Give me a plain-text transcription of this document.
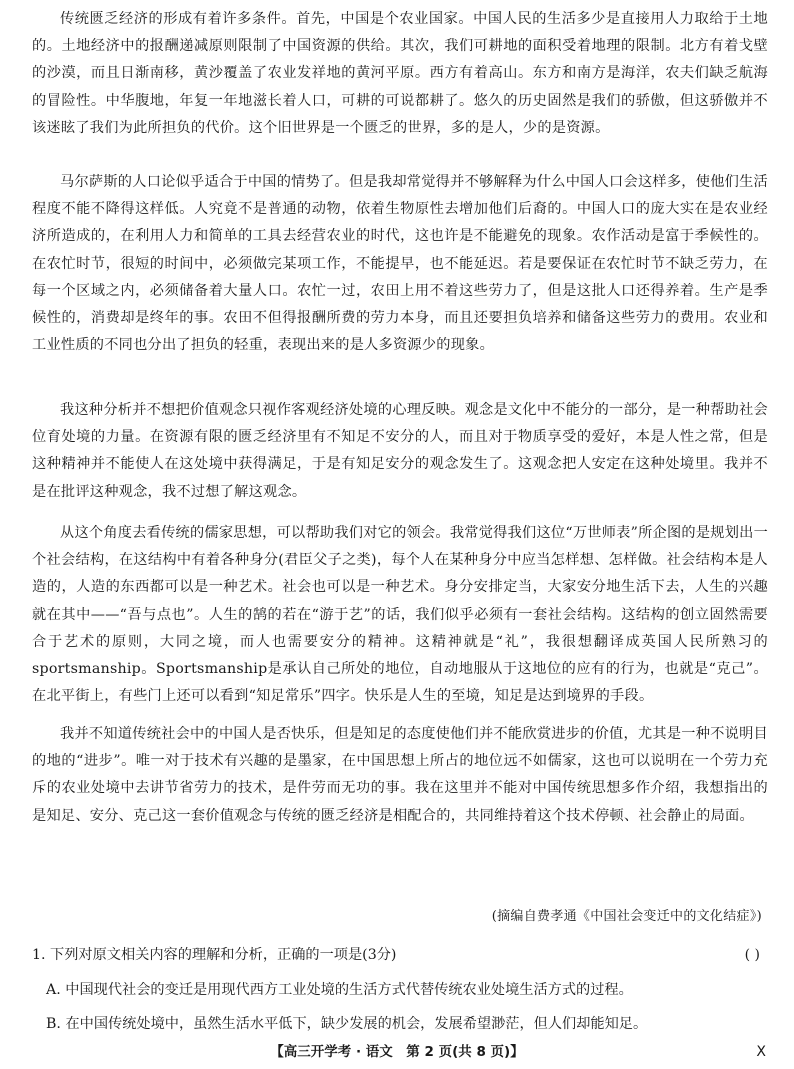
传统匮乏经济的形成有着许多条件。首先，中国是个农业国家。中国人民的生活多少是直接用人力取给于土地的。土地经济中的报酬递减原则限制了中国资源的供给。其次，我们可耕地的面积受着地理的限制。北方有着戈壁的沙漠，而且日渐南移，黄沙覆盖了农业发祥地的黄河平原。西方有着高山。东方和南方是海洋，农夫们缺乏航海的冒险性。中华腹地，年复一年地滋长着人口，可耕的可说都耕了。悠久的历史固然是我们的骄傲，但这骄傲并不该迷眩了我们为此所担负的代价。这个旧世界是一个匮乏的世界，多的是人，少的是资源。

马尔萨斯的人口论似乎适合于中国的情势了。但是我却常觉得并不够解释为什么中国人口会这样多，使他们生活程度不能不降得这样低。人究竟不是普通的动物，依着生物原性去增加他们后裔的。中国人口的庞大实在是农业经济所造成的，在利用人力和简单的工具去经营农业的时代，这也许是不能避免的现象。农作活动是富于季候性的。在农忙时节，很短的时间中，必须做完某项工作，不能提早，也不能延迟。若是要保证在农忙时节不缺乏劳力，在每一个区域之内，必须储备着大量人口。农忙一过，农田上用不着这些劳力了，但是这批人口还得养着。生产是季候性的，消费却是终年的事。农田不但得报酬所费的劳力本身，而且还要担负培养和储备这些劳力的费用。农业和工业性质的不同也分出了担负的轻重，表现出来的是人多资源少的现象。

我这种分析并不想把价值观念只视作客观经济处境的心理反映。观念是文化中不能分的一部分，是一种帮助社会位育处境的力量。在资源有限的匮乏经济里有不知足不安分的人，而且对于物质享受的爱好，本是人性之常，但是这种精神并不能使人在这处境中获得满足，于是有知足安分的观念发生了。这观念把人安定在这种处境里。我并不是在批评这种观念，我不过想了解这观念。

从这个角度去看传统的儒家思想，可以帮助我们对它的领会。我常觉得我们这位“万世师表”所企图的是规划出一个社会结构，在这结构中有着各种身分(君臣父子之类)，每个人在某种身分中应当怎样想、怎样做。社会结构本是人造的，人造的东西都可以是一种艺术。社会也可以是一种艺术。身分安排定当，大家安分地生活下去，人生的兴趣就在其中——“吾与点也”。人生的鹄的若在“游于艺”的话，我们似乎必须有一套社会结构。这结构的创立固然需要合于艺术的原则，大同之境，而人也需要安分的精神。这精神就是“礼”，我很想翻译成英国人民所熟习的sportsmanship。Sportsmanship是承认自己所处的地位，自动地服从于这地位的应有的行为，也就是“克己”。在北平街上，有些门上还可以看到“知足常乐”四字。快乐是人生的至境，知足是达到境界的手段。

我并不知道传统社会中的中国人是否快乐，但是知足的态度使他们并不能欣赏进步的价值，尤其是一种不说明目的地的“进步”。唯一对于技术有兴趣的是墨家，在中国思想上所占的地位远不如儒家，这也可以说明在一个劳力充斥的农业处境中去讲节省劳力的技术，是件劳而无功的事。我在这里并不能对中国传统思想多作介绍，我想指出的是知足、安分、克己这一套价值观念与传统的匮乏经济是相配合的，共同维持着这个技术停顿、社会静止的局面。

(摘编自费孝通《中国社会变迁中的文化结症》)

1. 下列对原文相关内容的理解和分析，正确的一项是(3分)	( )

A. 中国现代社会的变迁是用现代西方工业处境的生活方式代替传统农业处境生活方式的过程。

B. 在中国传统处境中，虽然生活水平低下，缺少发展的机会，发展希望渺茫，但人们却能知足。

【高三开学考 · 语文　第 2 页(共 8 页)】	X
